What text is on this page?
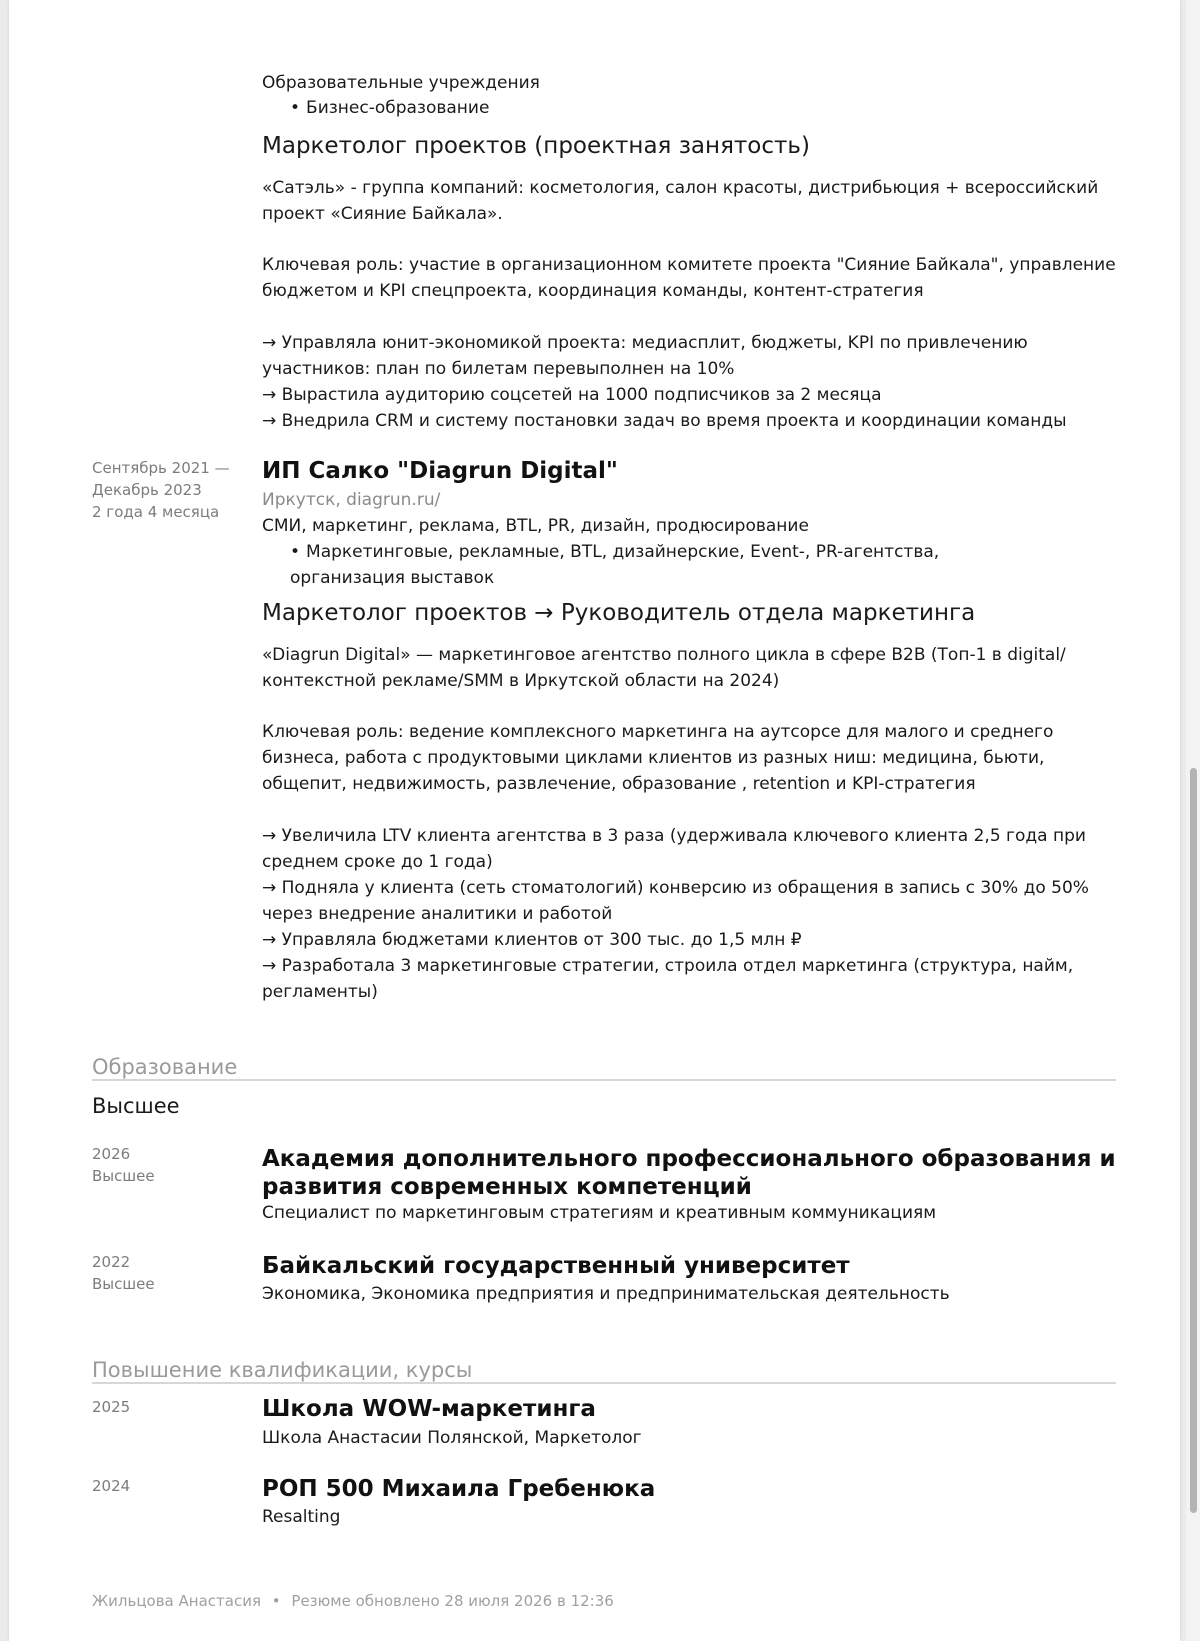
Образовательные учреждения
• Бизнес-образование
Маркетолог проектов (проектная занятость)
«Сатэль» - группа компаний: косметология, салон красоты, дистрибьюция + всероссийский проект «Сияние Байкала».
Ключевая роль: участие в организационном комитете проекта "Сияние Байкала", управление бюджетом и KPI спецпроекта, координация команды, контент-стратегия
→ Управляла юнит-экономикой проекта: медиасплит, бюджеты, KPI по привлечению участников: план по билетам перевыполнен на 10%
→ Вырастила аудиторию соцсетей на 1000 подписчиков за 2 месяца
→ Внедрила CRM и систему постановки задач во время проекта и координации команды
Сентябрь 2021 —
Декабрь 2023
2 года 4 месяца
ИП Салко "Diagrun Digital"
Иркутск, diagrun.ru/
СМИ, маркетинг, реклама, BTL, PR, дизайн, продюсирование
• Маркетинговые, рекламные, BTL, дизайнерские, Event-, PR-агентства, организация выставок
Маркетолог проектов → Руководитель отдела маркетинга
«Diagrun Digital» — маркетинговое агентство полного цикла в сфере B2B (Топ-1 в digital/контекстной рекламе/SMM в Иркутской области на 2024)
Ключевая роль: ведение комплексного маркетинга на аутсорсе для малого и среднего бизнеса, работа с продуктовыми циклами клиентов из разных ниш: медицина, бьюти, общепит, недвижимость, развлечение, образование , retention и KPI-стратегия
→ Увеличила LTV клиента агентства в 3 раза (удерживала ключевого клиента 2,5 года при среднем сроке до 1 года)
→ Подняла у клиента (сеть стоматологий) конверсию из обращения в запись с 30% до 50% через внедрение аналитики и работой
→ Управляла бюджетами клиентов от 300 тыс. до 1,5 млн ₽
→ Разработала 3 маркетинговые стратегии, строила отдел маркетинга (структура, найм, регламенты)
Образование
Высшее
2026
Высшее
Академия дополнительного профессионального образования и развития современных компетенций
Специалист по маркетинговым стратегиям и креативным коммуникациям
2022
Высшее
Байкальский государственный университет
Экономика, Экономика предприятия и предпринимательская деятельность
Повышение квалификации, курсы
2025	Школа WOW-маркетинга
Школа Анастасии Полянской, Маркетолог
2024	РОП 500 Михаила Гребенюка
Resalting
Жильцова Анастасия • Резюме обновлено 28 июля 2026 в 12:36
